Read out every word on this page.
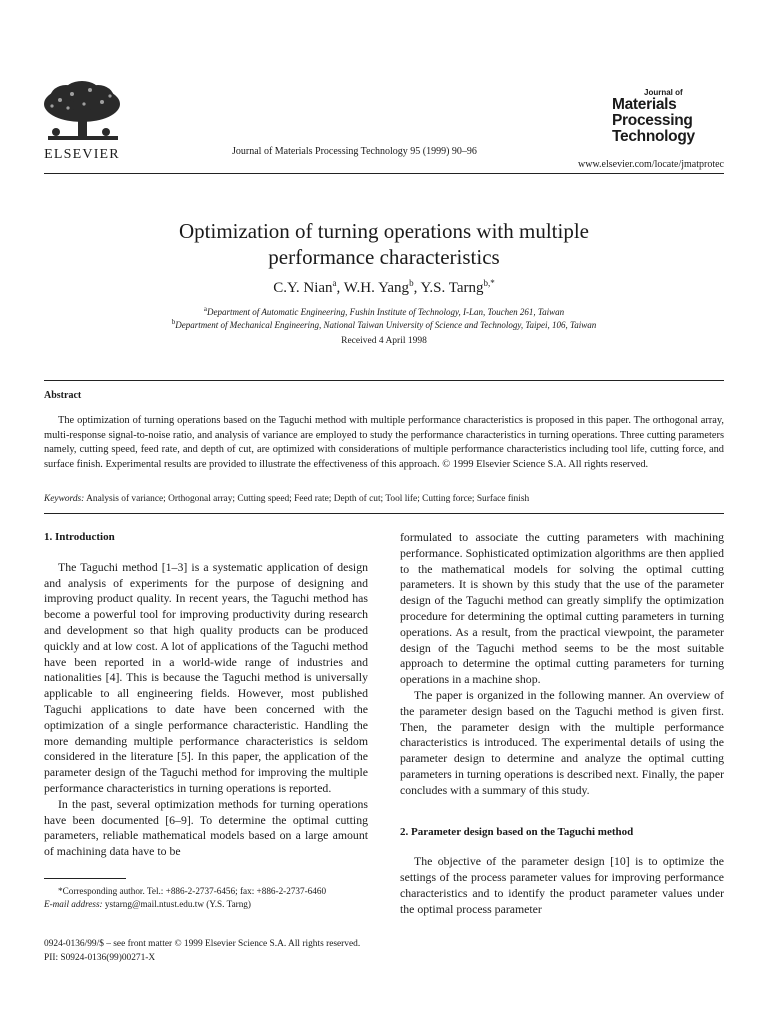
ELSEVIER	Journal of Materials Processing Technology 95 (1999) 90–96
Journal of
Materials
Processing
Technology
www.elsevier.com/locate/jmatprotec
Optimization of turning operations with multiple
performance characteristics
C.Y. Nian$^a$, W.H. Yang$^b$, Y.S. Tarng$^{b,*}$
$^a$Department of Automatic Engineering, Fushin Institute of Technology, I-Lan, Touchen 261, Taiwan
$^b$Department of Mechanical Engineering, National Taiwan University of Science and Technology, Taipei, 106, Taiwan
Received 4 April 1998
Abstract
The optimization of turning operations based on the Taguchi method with multiple performance characteristics is proposed in this paper. The orthogonal array, multi-response signal-to-noise ratio, and analysis of variance are employed to study the performance characteristics in turning operations. Three cutting parameters namely, cutting speed, feed rate, and depth of cut, are optimized with considerations of multiple performance characteristics including tool life, cutting force, and surface finish. Experimental results are provided to illustrate the effectiveness of this approach. © 1999 Elsevier Science S.A. All rights reserved.
Keywords: Analysis of variance; Orthogonal array; Cutting speed; Feed rate; Depth of cut; Tool life; Cutting force; Surface finish
1. Introduction

The Taguchi method [1–3] is a systematic application of design and analysis of experiments for the purpose of designing and improving product quality. In recent years, the Taguchi method has become a powerful tool for improving productivity during research and development so that high quality products can be produced quickly and at low cost. A lot of applications of the Taguchi method have been reported in a world-wide range of industries and nationalities [4]. This is because the Taguchi method is universally applicable to all engineering fields. However, most published Taguchi applications to date have been concerned with the optimization of a single performance characteristic. Handling the more demanding multiple performance characteristics is seldom considered in the literature [5]. In this paper, the application of the parameter design of the Taguchi method for improving the multiple performance characteristics in turning operations is reported.

In the past, several optimization methods for turning operations have been documented [6–9]. To determine the optimal cutting parameters, reliable mathematical models based on a large amount of machining data have to be

*Corresponding author. Tel.: +886-2-2737-6456; fax: +886-2-2737-6460

E-mail address: ystarng@mail.ntust.edu.tw (Y.S. Tarng)

formulated to associate the cutting parameters with machining performance. Sophisticated optimization algorithms are then applied to the mathematical models for solving the optimal cutting parameters. It is shown by this study that the use of the parameter design of the Taguchi method can greatly simplify the optimization procedure for determining the optimal cutting parameters in turning operations. As a result, from the practical viewpoint, the parameter design of the Taguchi method seems to be the most suitable approach to determine the optimal cutting parameters for turning operations in a machine shop.

The paper is organized in the following manner. An overview of the parameter design based on the Taguchi method is given first. Then, the parameter design with the multiple performance characteristics is introduced. The experimental details of using the parameter design to determine and analyze the optimal cutting parameters in turning operations is described next. Finally, the paper concludes with a summary of this study.

2. Parameter design based on the Taguchi method

The objective of the parameter design [10] is to optimize the settings of the process parameter values for improving performance characteristics and to identify the product parameter values under the optimal process parameter

0924-0136/99/$ – see front matter © 1999 Elsevier Science S.A. All rights reserved.
PII: S0924-0136(99)00271-X
